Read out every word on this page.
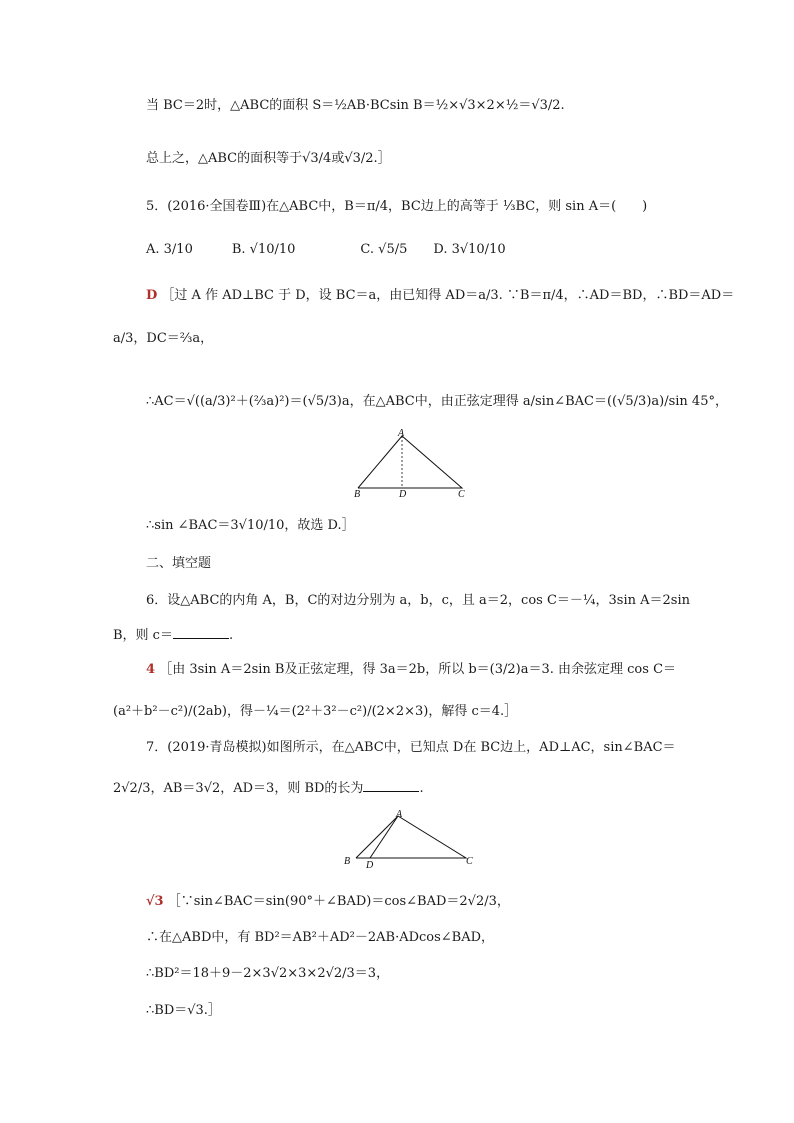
当 BC＝2时，△ABC的面积 S＝½AB·BCsin B＝½×√3×2×½＝√3/2.
总上之，△ABC的面积等于√3/4或√3/2.］
5．(2016·全国卷Ⅲ)在△ABC中，B＝π/4，BC边上的高等于 ⅓BC，则 sin A＝(　　)
A. 3/10　　　B. √10/10　　　　　C. √5/5　　D. 3√10/10
D ［过 A 作 AD⊥BC 于 D，设 BC＝a，由已知得 AD＝a/3. ∵B＝π/4，∴AD＝BD，∴BD＝AD＝
a/3，DC＝⅔a，
∴AC＝√((a/3)²＋(⅔a)²)＝(√5/3)a，在△ABC中，由正弦定理得 a/sin∠BAC＝((√5/3)a)/sin 45°，
A
B	D	C
∴sin ∠BAC＝3√10/10，故选 D.］
二、填空题
6．设△ABC的内角 A，B，C的对边分别为 a，b，c，且 a＝2，cos C＝－¼，3sin A＝2sin
B，则 c＝	.
4 ［由 3sin A＝2sin B及正弦定理，得 3a＝2b，所以 b＝(3/2)a＝3. 由余弦定理 cos C＝
(a²＋b²－c²)/(2ab)，得－¼＝(2²＋3²－c²)/(2×2×3)，解得 c＝4.］
7．(2019·青岛模拟)如图所示，在△ABC中，已知点 D在 BC边上，AD⊥AC，sin∠BAC＝
2√2/3，AB＝3√2，AD＝3，则 BD的长为	.
A
B D	C
√3 ［∵sin∠BAC＝sin(90°＋∠BAD)＝cos∠BAD＝2√2/3，
∴在△ABD中，有 BD²＝AB²＋AD²－2AB·ADcos∠BAD，
∴BD²＝18＋9－2×3√2×3×2√2/3＝3，
∴BD＝√3.］
